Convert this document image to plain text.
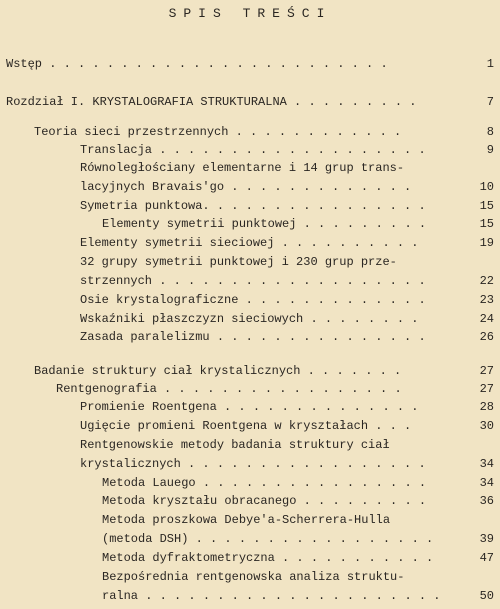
SPIS TREŚCI
Wstęp . . . . . . . . . . . . . . . . . . . . . . . .	1
Rozdział I. KRYSTALOGRAFIA STRUKTURALNA . . . . . . . . .	7
Teoria sieci przestrzennych . . . . . . . . . . . .	8
Translacja . . . . . . . . . . . . . . . . . . .	9
Równoległościany elementarne i 14 grup trans-
lacyjnych Bravais'go . . . . . . . . . . . . .	10
Symetria punktowa. . . . . . . . . . . . . . . .	15
Elementy symetrii punktowej . . . . . . . . .	15
Elementy symetrii sieciowej . . . . . . . . . .	19
32 grupy symetrii punktowej i 230 grup prze-
strzennych . . . . . . . . . . . . . . . . . . .	22
Osie krystalograficzne . . . . . . . . . . . . .	23
Wskaźniki płaszczyzn sieciowych . . . . . . . .	24
Zasada paralelizmu . . . . . . . . . . . . . . .	26
Badanie struktury ciał krystalicznych . . . . . . .	27
Rentgenografia . . . . . . . . . . . . . . . . .	27
Promienie Roentgena . . . . . . . . . . . . . .	28
Ugięcie promieni Roentgena w kryształach . . .	30
Rentgenowskie metody badania struktury ciał
krystalicznych . . . . . . . . . . . . . . . . .	34
Metoda Lauego . . . . . . . . . . . . . . . .	34
Metoda kryształu obracanego . . . . . . . . .	36
Metoda proszkowa Debye'a-Scherrera-Hulla
(metoda DSH) . . . . . . . . . . . . . . . . .	39
Metoda dyfraktometryczna . . . . . . . . . . .	47
Bezpośrednia rentgenowska analiza struktu-
ralna . . . . . . . . . . . . . . . . . . . . .	50
